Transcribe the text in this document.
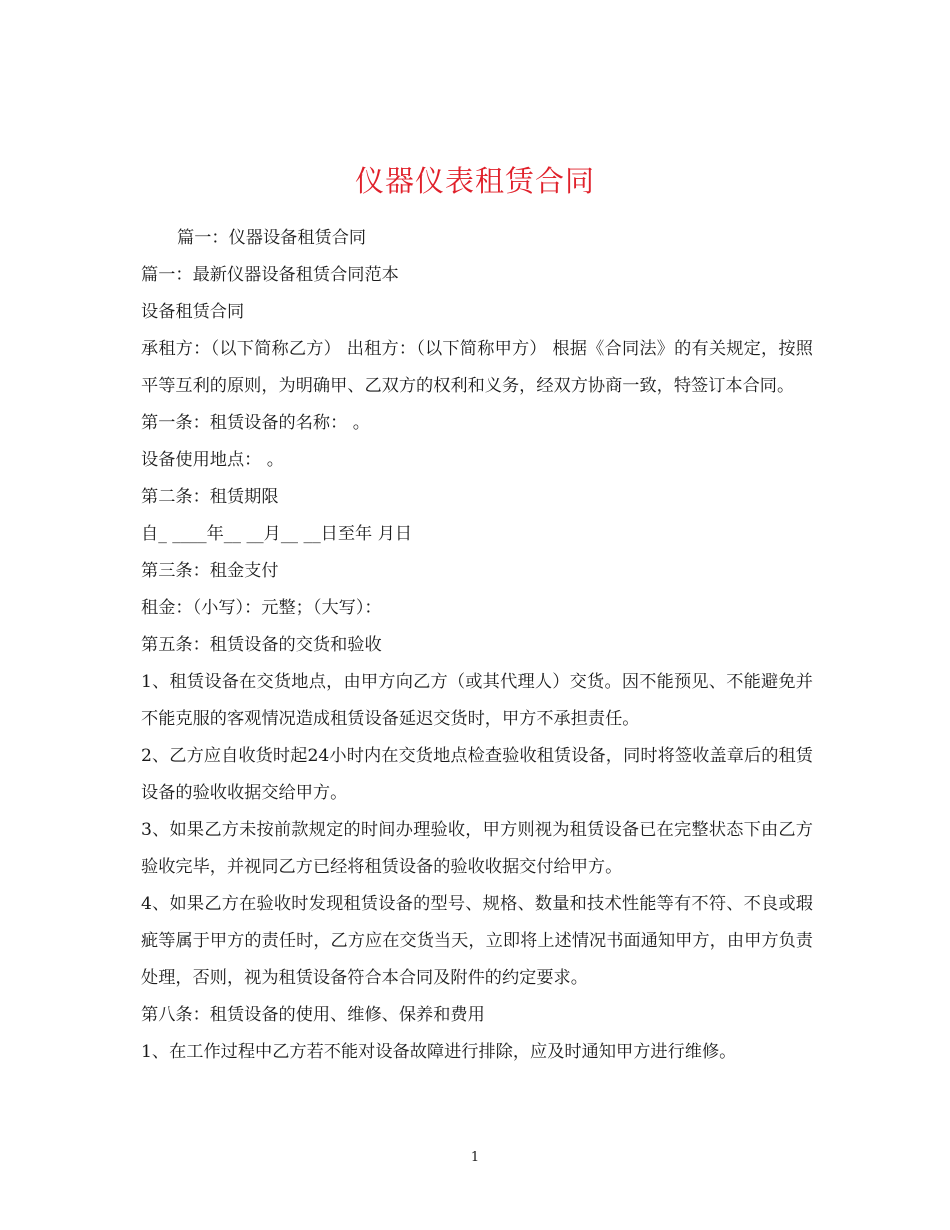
仪器仪表租赁合同

篇一：仪器设备租赁合同

篇一：最新仪器设备租赁合同范本

设备租赁合同

承租方：（以下简称乙方） 出租方：（以下简称甲方） 根据《合同法》的有关规定，按照平等互利的原则，为明确甲、乙双方的权利和义务，经双方协商一致，特签订本合同。

第一条：租赁设备的名称： 。

设备使用地点： 。

第二条：租赁期限

自_ ____年__ __月__ __日至年 月日

第三条：租金支付

租金：（小写）：元整；（大写）：

第五条：租赁设备的交货和验收

1、租赁设备在交货地点，由甲方向乙方（或其代理人）交货。因不能预见、不能避免并不能克服的客观情况造成租赁设备延迟交货时，甲方不承担责任。

2、乙方应自收货时起24小时内在交货地点检查验收租赁设备，同时将签收盖章后的租赁设备的验收收据交给甲方。

3、如果乙方未按前款规定的时间办理验收，甲方则视为租赁设备已在完整状态下由乙方验收完毕，并视同乙方已经将租赁设备的验收收据交付给甲方。

4、如果乙方在验收时发现租赁设备的型号、规格、数量和技术性能等有不符、不良或瑕疵等属于甲方的责任时，乙方应在交货当天，立即将上述情况书面通知甲方，由甲方负责处理，否则，视为租赁设备符合本合同及附件的约定要求。

第八条：租赁设备的使用、维修、保养和费用

1、在工作过程中乙方若不能对设备故障进行排除，应及时通知甲方进行维修。

1
